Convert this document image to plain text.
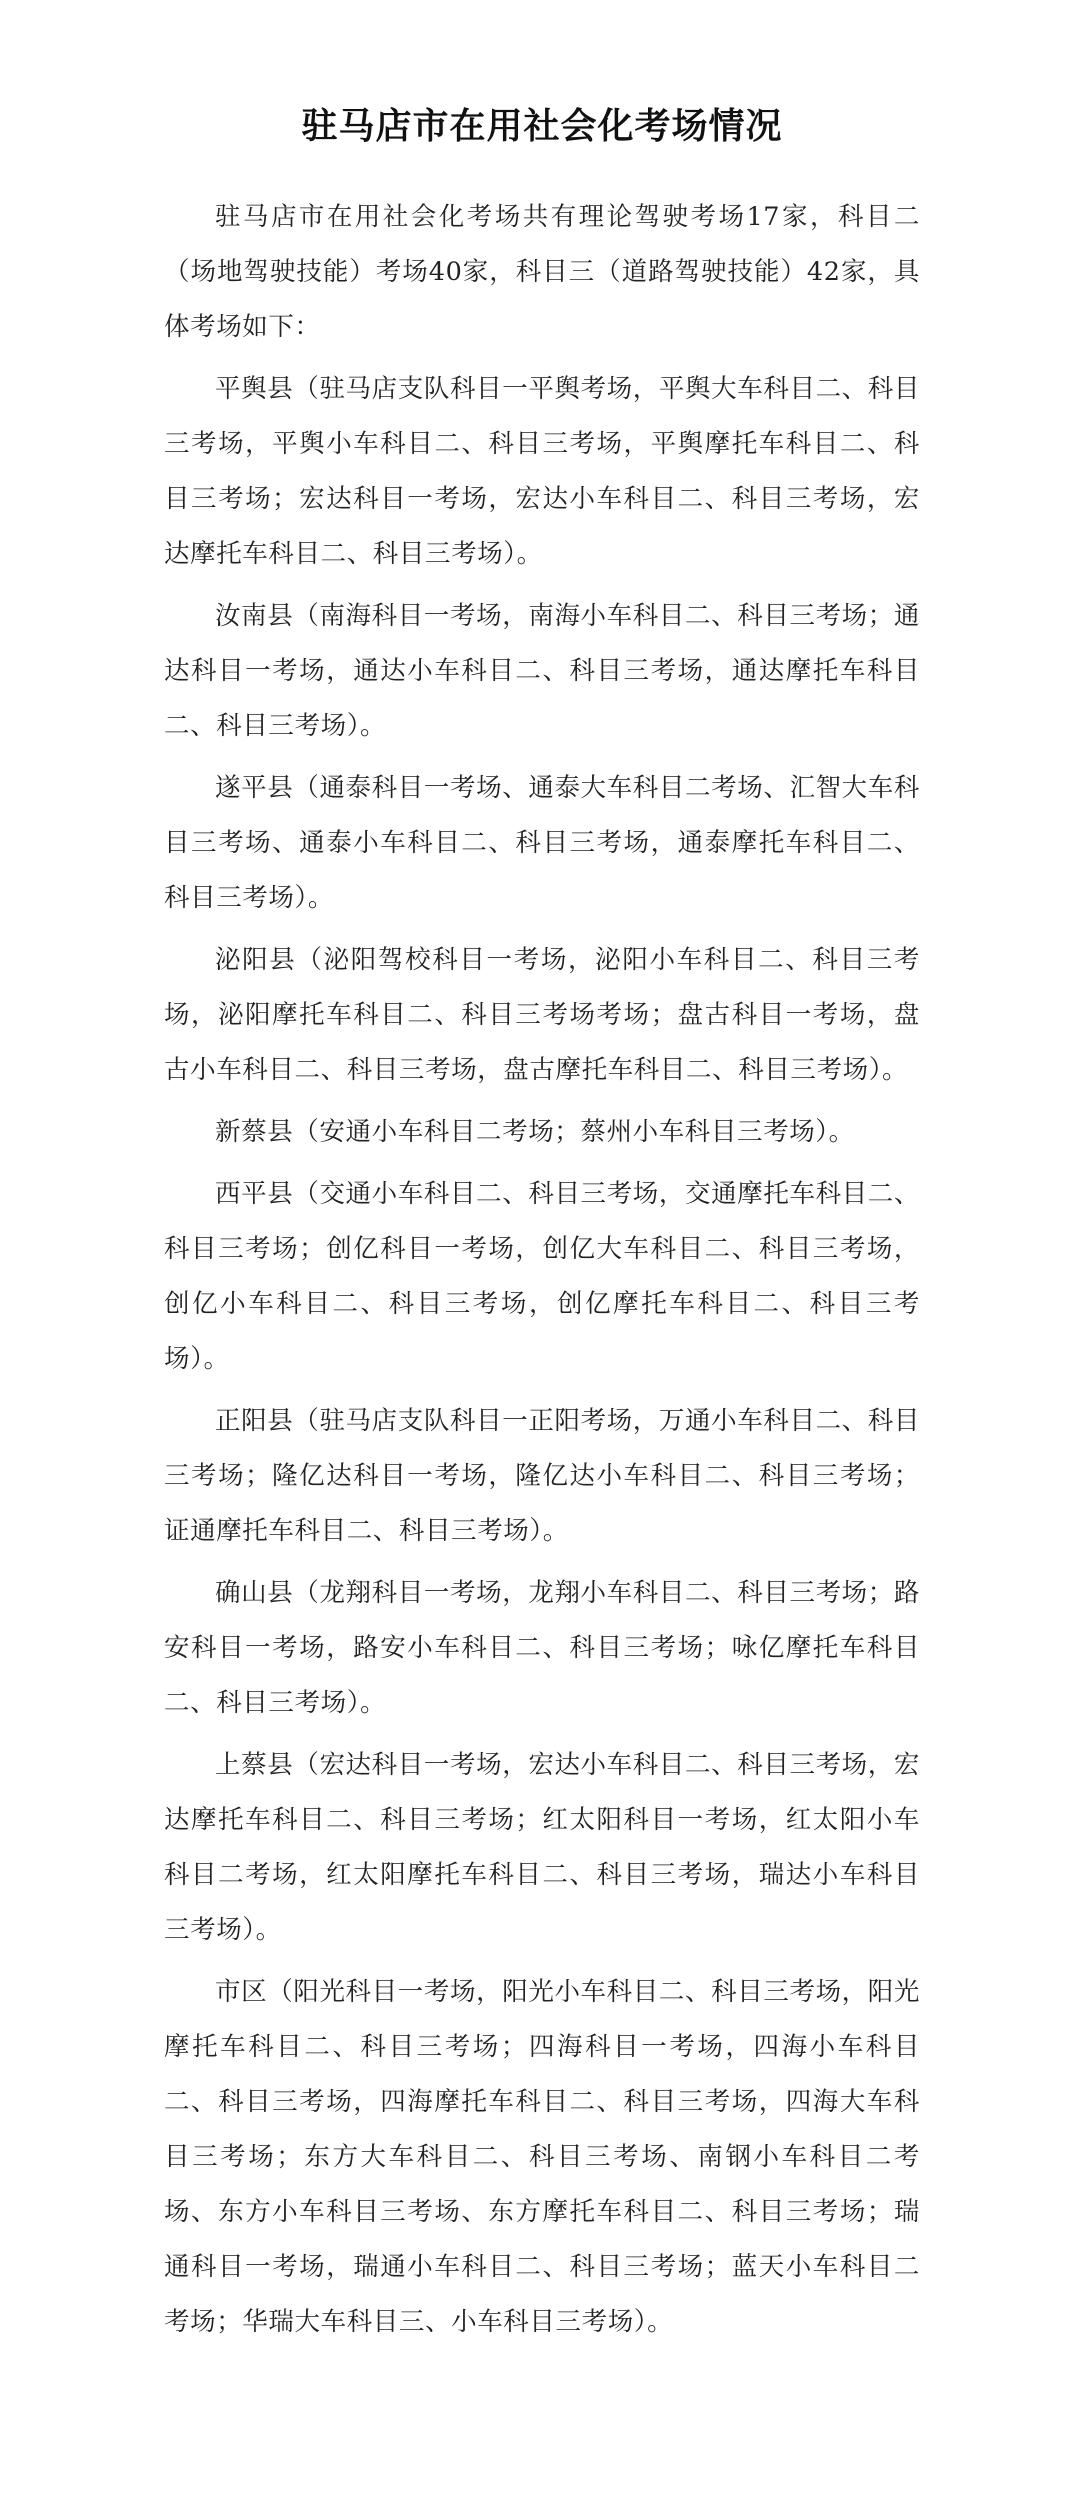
驻马店市在用社会化考场情况

驻马店市在用社会化考场共有理论驾驶考场17家，科目二（场地驾驶技能）考场40家，科目三（道路驾驶技能）42家，具体考场如下：

平舆县（驻马店支队科目一平舆考场，平舆大车科目二、科目三考场，平舆小车科目二、科目三考场，平舆摩托车科目二、科目三考场；宏达科目一考场，宏达小车科目二、科目三考场，宏达摩托车科目二、科目三考场）。

汝南县（南海科目一考场，南海小车科目二、科目三考场；通达科目一考场，通达小车科目二、科目三考场，通达摩托车科目二、科目三考场）。

遂平县（通泰科目一考场、通泰大车科目二考场、汇智大车科目三考场、通泰小车科目二、科目三考场，通泰摩托车科目二、科目三考场）。

泌阳县（泌阳驾校科目一考场，泌阳小车科目二、科目三考场，泌阳摩托车科目二、科目三考场考场；盘古科目一考场，盘古小车科目二、科目三考场，盘古摩托车科目二、科目三考场）。

新蔡县（安通小车科目二考场；蔡州小车科目三考场）。

西平县（交通小车科目二、科目三考场，交通摩托车科目二、科目三考场；创亿科目一考场，创亿大车科目二、科目三考场，创亿小车科目二、科目三考场，创亿摩托车科目二、科目三考场）。

正阳县（驻马店支队科目一正阳考场，万通小车科目二、科目三考场；隆亿达科目一考场，隆亿达小车科目二、科目三考场；证通摩托车科目二、科目三考场）。

确山县（龙翔科目一考场，龙翔小车科目二、科目三考场；路安科目一考场，路安小车科目二、科目三考场；咏亿摩托车科目二、科目三考场）。

上蔡县（宏达科目一考场，宏达小车科目二、科目三考场，宏达摩托车科目二、科目三考场；红太阳科目一考场，红太阳小车科目二考场，红太阳摩托车科目二、科目三考场，瑞达小车科目三考场）。

市区（阳光科目一考场，阳光小车科目二、科目三考场，阳光摩托车科目二、科目三考场；四海科目一考场，四海小车科目二、科目三考场，四海摩托车科目二、科目三考场，四海大车科目三考场；东方大车科目二、科目三考场、南钢小车科目二考场、东方小车科目三考场、东方摩托车科目二、科目三考场；瑞通科目一考场，瑞通小车科目二、科目三考场；蓝天小车科目二考场；华瑞大车科目三、小车科目三考场）。
